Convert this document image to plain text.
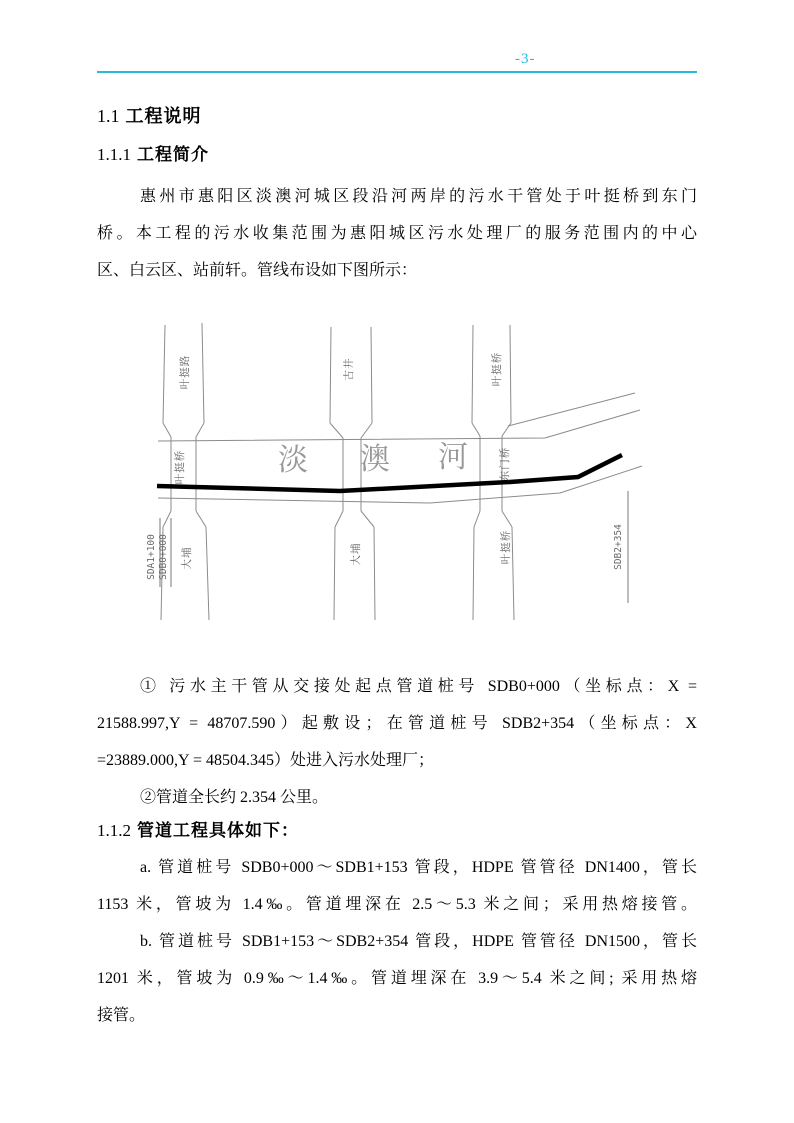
-3-
1.1 工程说明
1.1.1 工程简介
惠州市惠阳区淡澳河城区段沿河两岸的污水干管处于叶挺桥到东门
桥。本工程的污水收集范围为惠阳城区污水处理厂的服务范围内的中心
区、白云区、站前轩。管线布设如下图所示：
淡 澳 河
叶挺路	古井	叶挺桥
叶挺桥	东门桥
大埔	大埔	叶挺桥
SDA1+100 SDB0+000	SDB2+354
① 污水主干管从交接处起点管道桩号 SDB0+000（坐标点：X =
21588.997,Y = 48707.590）起敷设；在管道桩号 SDB2+354（坐标点：X
=23889.000,Y = 48504.345）处进入污水处理厂；
②管道全长约 2.354 公里。
1.1.2 管道工程具体如下：
a. 管道桩号 SDB0+000～SDB1+153 管段，HDPE 管管径 DN1400，管长
1153 米，管坡为 1.4‰。管道埋深在 2.5～5.3 米之间；采用热熔接管。
b. 管道桩号 SDB1+153～SDB2+354 管段，HDPE 管管径 DN1500，管长
1201 米，管坡为 0.9‰～1.4‰。管道埋深在 3.9～5.4 米之间; 采用热熔
接管。
